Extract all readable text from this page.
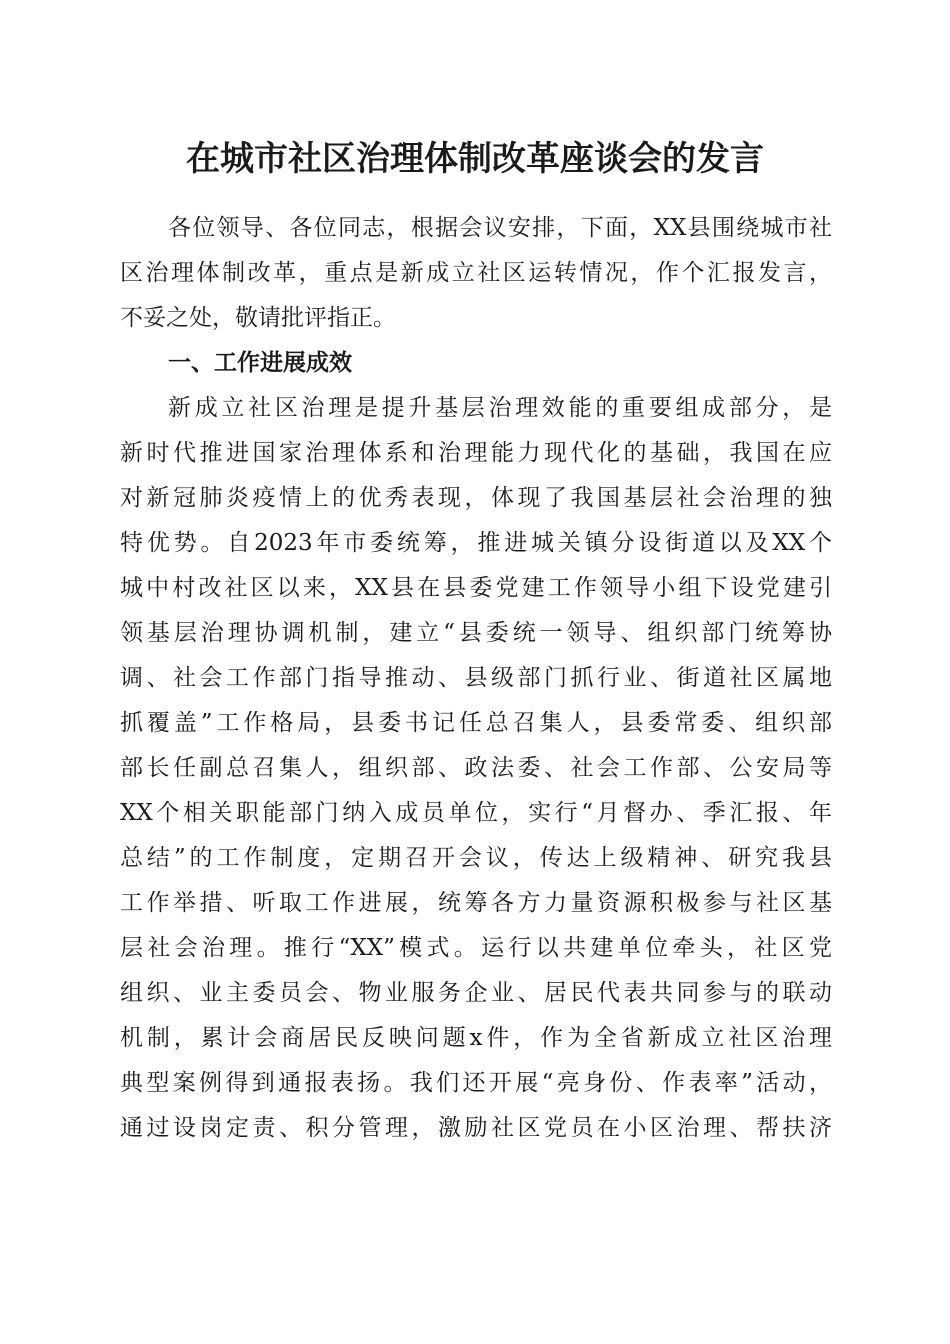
在城市社区治理体制改革座谈会的发言
各位领导、各位同志，根据会议安排，下面，XX县围绕城市社
区治理体制改革，重点是新成立社区运转情况，作个汇报发言，
不妥之处，敬请批评指正。
一、工作进展成效
新成立社区治理是提升基层治理效能的重要组成部分，是
新时代推进国家治理体系和治理能力现代化的基础，我国在应
对新冠肺炎疫情上的优秀表现，体现了我国基层社会治理的独
特优势。自2023年市委统筹，推进城关镇分设街道以及XX个
城中村改社区以来，XX县在县委党建工作领导小组下设党建引
领基层治理协调机制，建立“县委统一领导、组织部门统筹协
调、社会工作部门指导推动、县级部门抓行业、街道社区属地
抓覆盖”工作格局，县委书记任总召集人，县委常委、组织部
部长任副总召集人，组织部、政法委、社会工作部、公安局等
XX个相关职能部门纳入成员单位，实行“月督办、季汇报、年
总结”的工作制度，定期召开会议，传达上级精神、研究我县
工作举措、听取工作进展，统筹各方力量资源积极参与社区基
层社会治理。推行“XX”模式。运行以共建单位牵头，社区党
组织、业主委员会、物业服务企业、居民代表共同参与的联动
机制，累计会商居民反映问题x件，作为全省新成立社区治理
典型案例得到通报表扬。我们还开展“亮身份、作表率”活动，
通过设岗定责、积分管理，激励社区党员在小区治理、帮扶济
